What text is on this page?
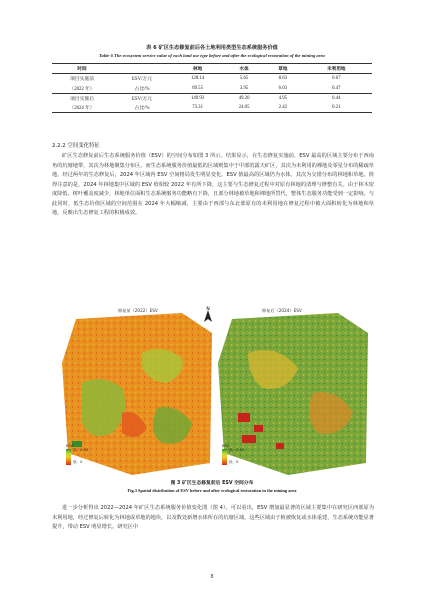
表 6 矿区生态修复前后各土地利用类型生态系统服务价值
Table 6 The ecosystem service value of each land use type before and after the ecological restoration of the mining area
时间		林地	水体	草地	未利用地
项目实施前	ESV/万元	128.14	5.65	8.63	0.67
（2022 年）	占比/%	89.55	3.95	6.03	0.47
项目实施后	ESV/万元	149.93	49.20	4.95	0.44
（2024 年）	占比/%	73.31	24.05	2.42	0.21
2.2.2 空间变化特征
矿区生态修复前后生态系统服务价值（ESV）的空间分布如图 3 所示。结果显示，在生态修复实施前，ESV 最高的区域主要分布于西南角的坑塘地带，其次为林地聚集分布区。而生态系统服务价值最低的区域则集中于中部的露天矿区，其次为未利用的裸地及零星分布的稀疏草地。经过两年的生态修复后，2024 年区域内 ESV 空间格局发生明显变化。ESV 值最高的区域仍为水体，其次为交错分布的林地和草地。值得注意的是，2024 年林地集中区域的 ESV 值相较 2022 年有所下降，这主要与生态修复过程中对原有林地的清理与修整有关。由于林木密度降低、树叶覆盖度减少，林地单位面积生态系统服务功能略有下降，且部分林地被草地和裸地所替代，整体生态服务功能受到一定影响。与此同时，低生态价值区域的空间范围在 2024 年大幅缩减，主要由于西部与东北部原有的未利用地在修复过程中被大面积转化为林地和草地，反映出生态修复工程的积极成效。
修复前（2022）ESV	修复后（2024）ESV
N
ESV
高：0.05
低：0
ESV
高：0.05
低：0
图 3 矿区生态修复前后 ESV 空间分布
Fig.3 Spatial distribution of ESV before and after ecological restoration in the mining area
进一步分析得出 2022—2024 年矿区生态系统服务价值变化图（图 4）。可以看出，ESV 增加最显著的区域主要集中在研究区西部原为未利用地，经过修复后转化为林地或草地的地块，以及数处新增水体所在的坑塘区域。这些区域由于植被恢复或水体重建，生态系统功能显著提升，带动 ESV 明显增长。研究区中
8
